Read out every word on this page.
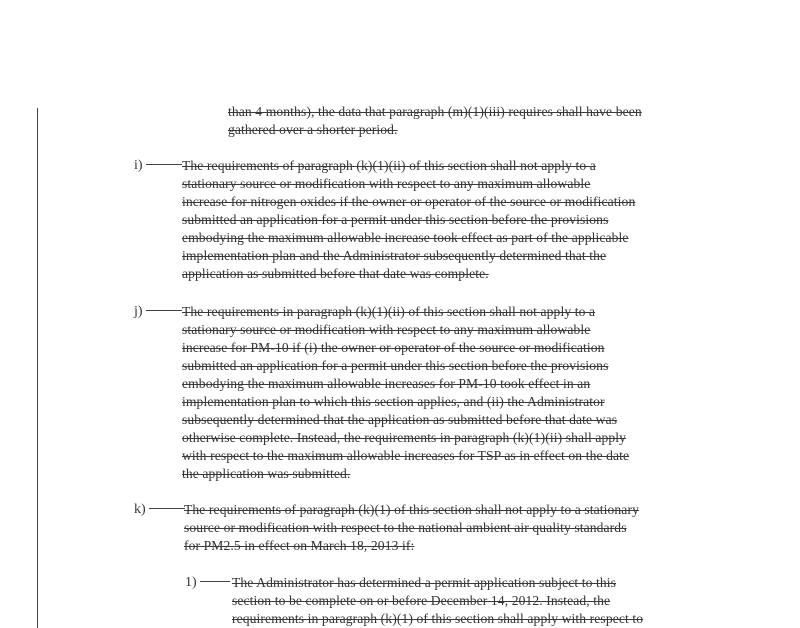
than 4 months), the data that paragraph (m)(1)(iii) requires shall have been
gathered over a shorter period.
i)	The requirements of paragraph (k)(1)(ii) of this section shall not apply to a
stationary source or modification with respect to any maximum allowable
increase for nitrogen oxides if the owner or operator of the source or modification
submitted an application for a permit under this section before the provisions
embodying the maximum allowable increase took effect as part of the applicable
implementation plan and the Administrator subsequently determined that the
application as submitted before that date was complete.
j)	The requirements in paragraph (k)(1)(ii) of this section shall not apply to a
stationary source or modification with respect to any maximum allowable
increase for PM-10 if (i) the owner or operator of the source or modification
submitted an application for a permit under this section before the provisions
embodying the maximum allowable increases for PM-10 took effect in an
implementation plan to which this section applies, and (ii) the Administrator
subsequently determined that the application as submitted before that date was
otherwise complete. Instead, the requirements in paragraph (k)(1)(ii) shall apply
with respect to the maximum allowable increases for TSP as in effect on the date
the application was submitted.
k)	The requirements of paragraph (k)(1) of this section shall not apply to a stationary
source or modification with respect to the national ambient air quality standards
for PM2.5 in effect on March 18, 2013 if:
1)	The Administrator has determined a permit application subject to this
section to be complete on or before December 14, 2012. Instead, the
requirements in paragraph (k)(1) of this section shall apply with respect to
